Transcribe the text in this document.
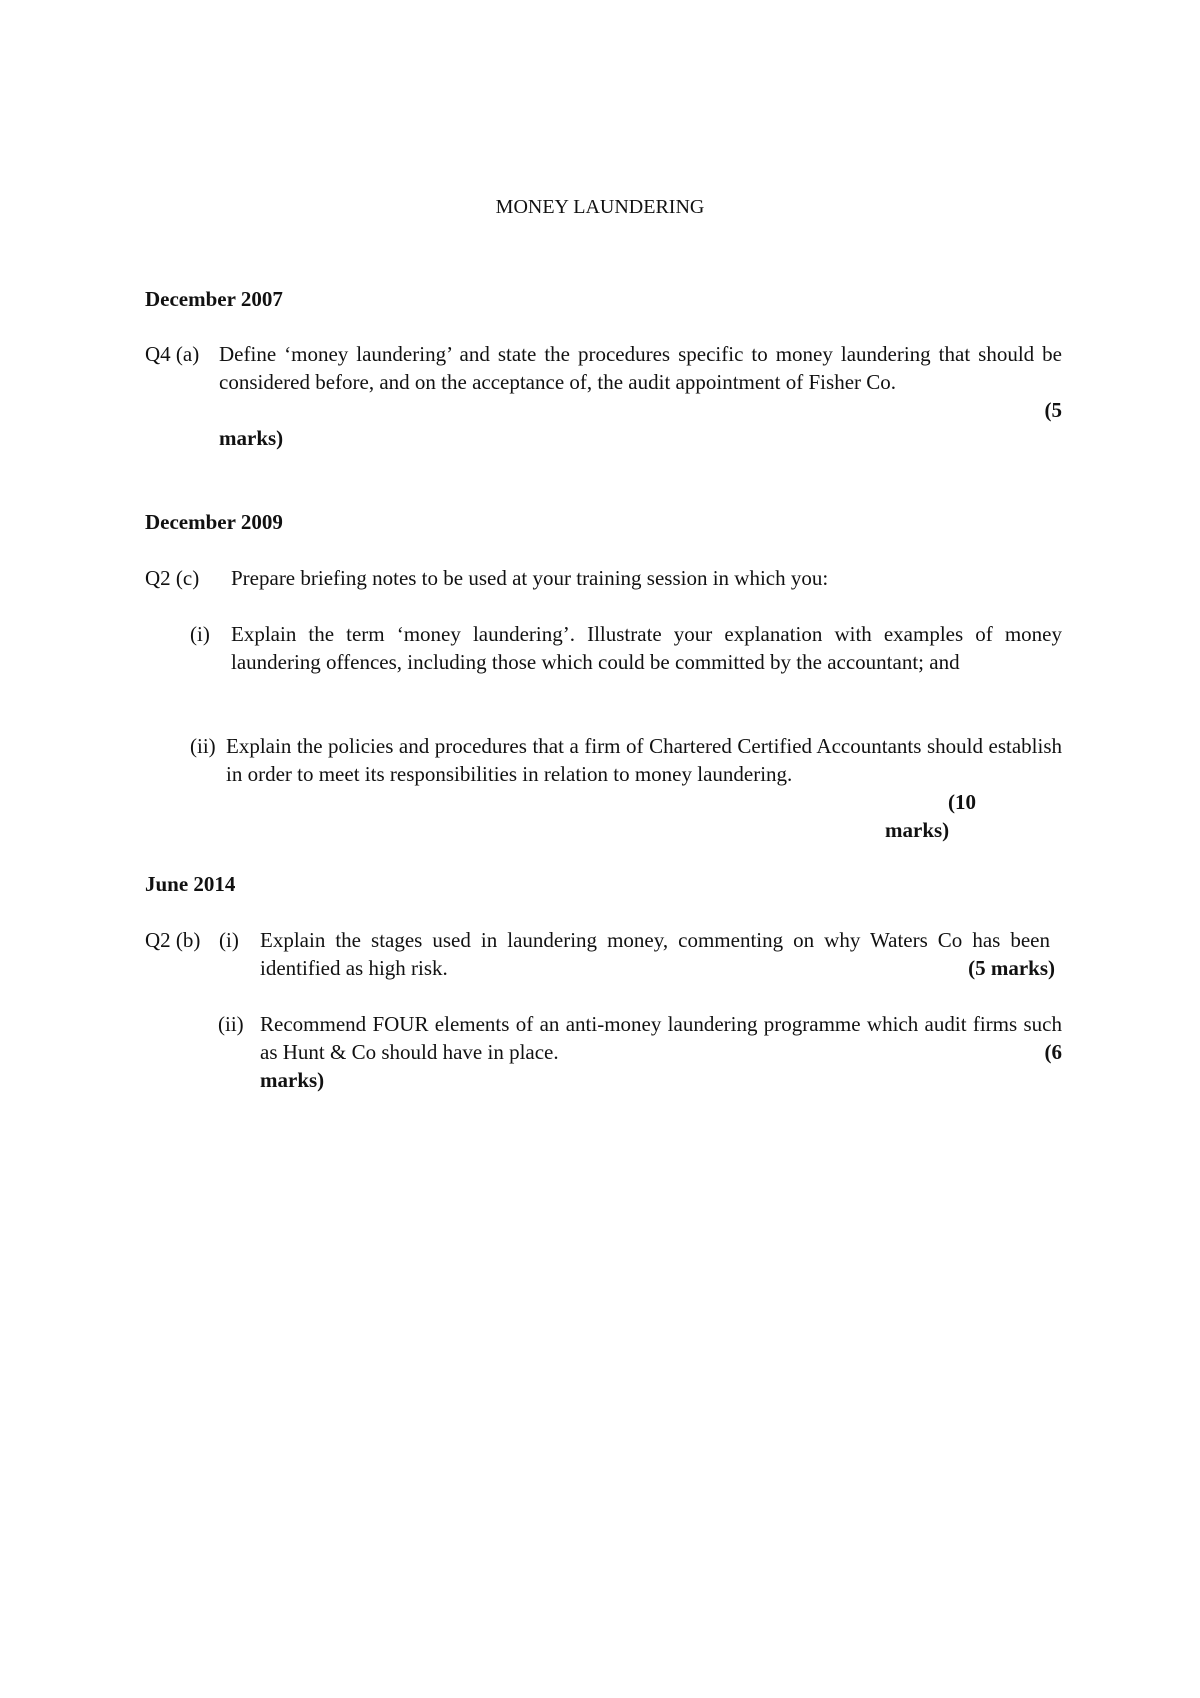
MONEY LAUNDERING
December 2007
Q4 (a) Define ‘money laundering’ and state the procedures specific to money laundering that should be considered before, and on the acceptance of, the audit appointment of Fisher Co.
(5
marks)
December 2009
Q2 (c) Prepare briefing notes to be used at your training session in which you:
(i) Explain the term ‘money laundering’. Illustrate your explanation with examples of money laundering offences, including those which could be committed by the accountant; and
(ii) Explain the policies and procedures that a firm of Chartered Certified Accountants should establish in order to meet its responsibilities in relation to money laundering.
(10
marks)
June 2014
Q2 (b) (i) Explain the stages used in laundering money, commenting on why Waters Co has been identified as high risk.	(5 marks)
(ii) Recommend FOUR elements of an anti-money laundering programme which audit firms such as Hunt & Co should have in place.	(6
marks)
